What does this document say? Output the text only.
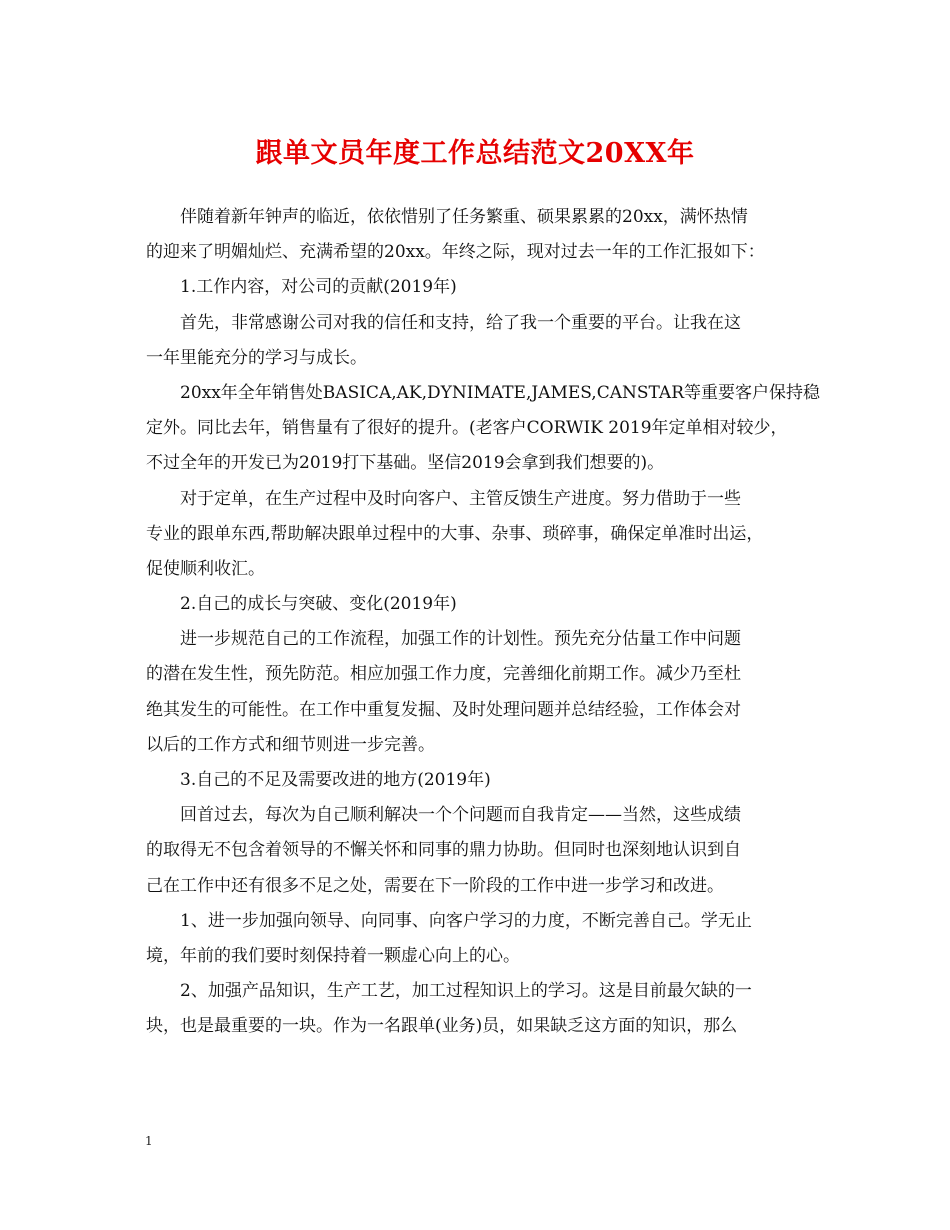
跟单文员年度工作总结范文20XX年
伴随着新年钟声的临近，依依惜别了任务繁重、硕果累累的20xx，满怀热情
的迎来了明媚灿烂、充满希望的20xx。年终之际，现对过去一年的工作汇报如下：
1.工作内容，对公司的贡献(2019年)
首先，非常感谢公司对我的信任和支持，给了我一个重要的平台。让我在这
一年里能充分的学习与成长。
20xx年全年销售处BASICA,AK,DYNIMATE,JAMES,CANSTAR等重要客户保持稳
定外。同比去年，销售量有了很好的提升。(老客户CORWIK 2019年定单相对较少，
不过全年的开发已为2019打下基础。坚信2019会拿到我们想要的)。
对于定单，在生产过程中及时向客户、主管反馈生产进度。努力借助于一些
专业的跟单东西,帮助解决跟单过程中的大事、杂事、琐碎事，确保定单准时出运，
促使顺利收汇。
2.自己的成长与突破、变化(2019年)
进一步规范自己的工作流程，加强工作的计划性。预先充分估量工作中问题
的潜在发生性，预先防范。相应加强工作力度，完善细化前期工作。减少乃至杜
绝其发生的可能性。在工作中重复发掘、及时处理问题并总结经验，工作体会对
以后的工作方式和细节则进一步完善。
3.自己的不足及需要改进的地方(2019年)
回首过去，每次为自己顺利解决一个个问题而自我肯定——当然，这些成绩
的取得无不包含着领导的不懈关怀和同事的鼎力协助。但同时也深刻地认识到自
己在工作中还有很多不足之处，需要在下一阶段的工作中进一步学习和改进。
1、进一步加强向领导、向同事、向客户学习的力度，不断完善自己。学无止
境，年前的我们要时刻保持着一颗虚心向上的心。
2、加强产品知识，生产工艺，加工过程知识上的学习。这是目前最欠缺的一
块，也是最重要的一块。作为一名跟单(业务)员，如果缺乏这方面的知识，那么
1
